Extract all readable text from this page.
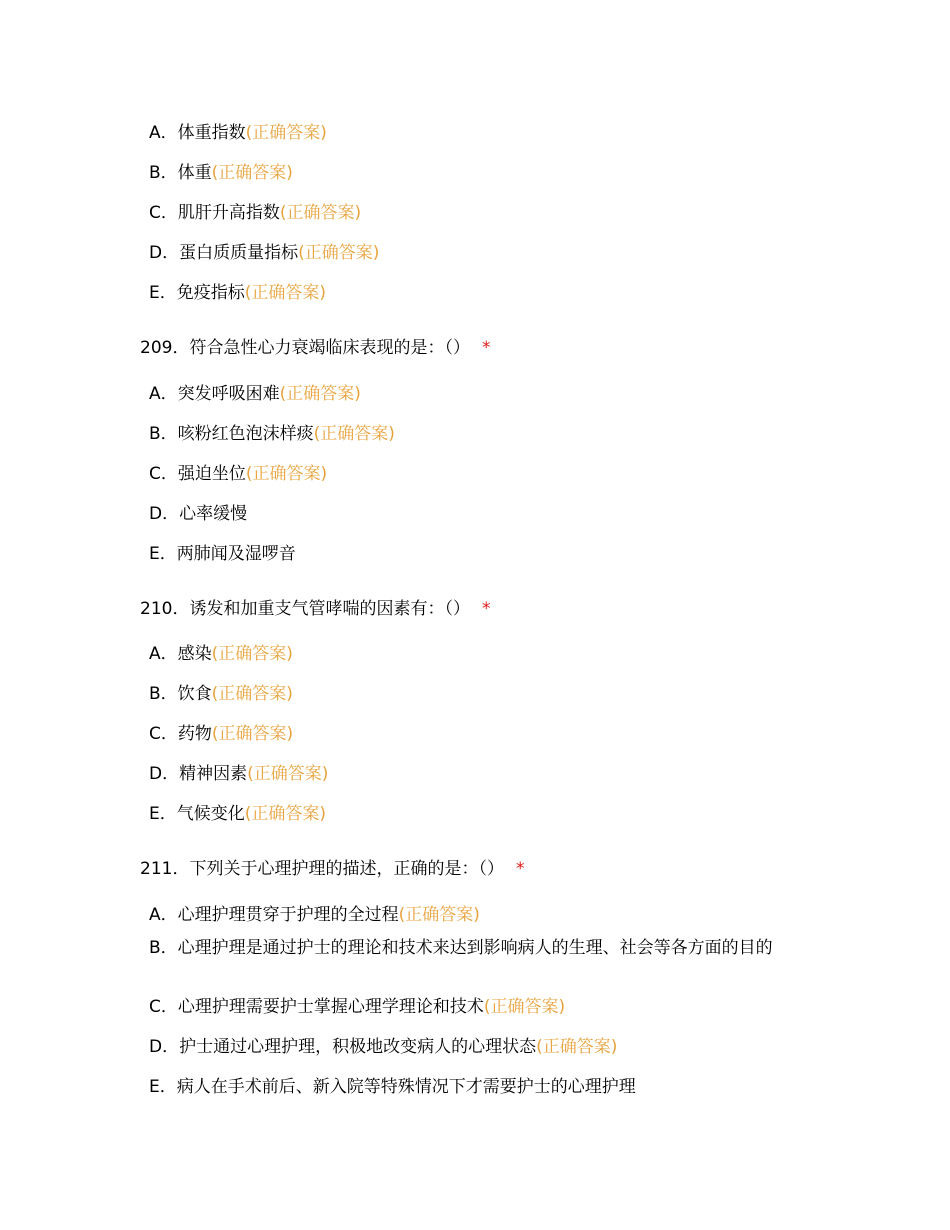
A．体重指数(正确答案)
B．体重(正确答案)
C．肌肝升高指数(正确答案)
D．蛋白质质量指标(正确答案)
E．免疫指标(正确答案)
209．符合急性心力衰竭临床表现的是：（） *
A．突发呼吸困难(正确答案)
B．咳粉红色泡沫样痰(正确答案)
C．强迫坐位(正确答案)
D．心率缓慢
E．两肺闻及湿啰音
210．诱发和加重支气管哮喘的因素有：（） *
A．感染(正确答案)
B．饮食(正确答案)
C．药物(正确答案)
D．精神因素(正确答案)
E．气候变化(正确答案)
211．下列关于心理护理的描述，正确的是：（） *
A．心理护理贯穿于护理的全过程(正确答案)
B．心理护理是通过护士的理论和技术来达到影响病人的生理、社会等各方面的目的
C．心理护理需要护士掌握心理学理论和技术(正确答案)
D．护士通过心理护理，积极地改变病人的心理状态(正确答案)
E．病人在手术前后、新入院等特殊情况下才需要护士的心理护理
